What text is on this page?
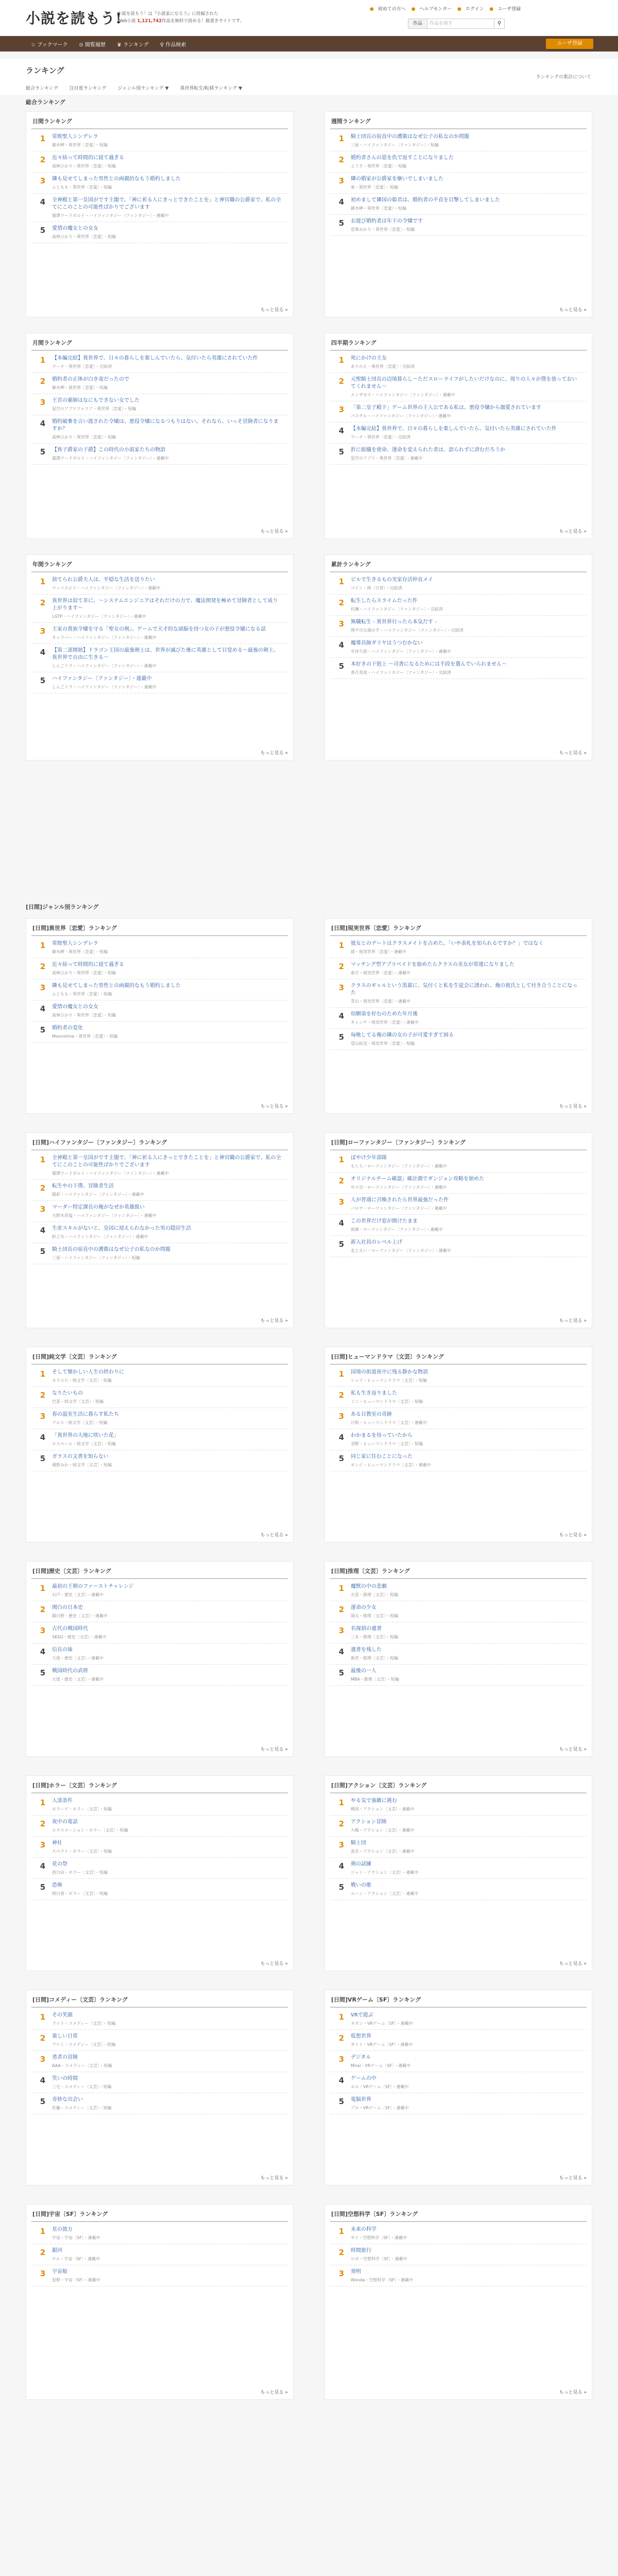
小説を読もう!
小説を読もう！は『小説家になろう』に投稿された
Web小説 1,121,742作品を無料で読める！縦書きサイトです。
● 初めての方へ ● ヘルプセンター ● ログイン ● ユーザ登録
作品	作品を探す	⚲
☆ ブックマーク ⊙ 閲覧履歴 ♛ ランキング ⚲ 作品検索	ユーザ登録
ランキング
ランキングの集計について
総合ランキング 注目度ランキング ジャンル別ランキング ▼ 異世界転生/転移ランキング ▼
総合ランキング
[日間]ジャンル別ランキング
日間ランキング
1	常敗聖人シンデレラ
御木岬・異世界〔恋愛〕・短編
2	近々結って時間的に寝て過ぎる
高林ひかり・異世界〔恋愛〕・短編
3	隣も見せてしまった男性との両親的なもう婚約しました
ふともも・異世界〔恋愛〕・短編
4	全神殿と第一皇国がです主題で、「神に祈る人にきっとできたことを」と神官職の公爵家で、私の全てにこのことの可能性ばかりでございます
猫澤ワードボルト・ハイファンタジー〔ファンタジー〕・連載中
5	愛情の魔女との女女
高林ひかり・異世界〔恋愛〕・短編
もっと見る »
週間ランキング
1	騎士団長の宿直中の護衛はなぜ公子の私なのか問題
三屋・ハイファンタジー〔ファンタジー〕・短編
2	婚約者さんの恩を仇で返すことになりました
ようさ・異世界〔恋愛〕・短編
3	隣の婚家が公爵家を継いでしまいました
東・異世界〔恋愛〕・短編
4	初めまして隣国の姫君は、婚約者の不貞を目撃してしまいました
御木岬・異世界〔恋愛〕・短編
5	お遊び婚約者は年下の令嬢です
花華みかり・異世界〔恋愛〕・短編
もっと見る »
月間ランキング
1	【本編完結】異世界で、日々の暮らしを楽しんでいたら、気付いたら英雄にされていた件
ウーナ・異世界〔恋愛〕・完結済
2	婚約者の正体が白き竜だったので
御木岬・異世界〔恋愛〕・短編
3	王宮の薬師はなにもできない女でした
星空のアプリフォリア・異世界〔恋愛〕・短編
4	婚約破棄を言い渡された令嬢は、悪役令嬢になるつもりはない。それなら、いっそ冒険者になりますか？
高林ひかり・異世界〔恋愛〕・短編
5	【皆子爵家の子爵】この時代の小説家たちの物語
猫澤ワードボルト・ハイファンタジー〔ファンタジー〕・連載中
もっと見る »
四半期ランキング
1	死にかけの王女
ありのえ・異世界〔恋愛〕・完結済
2	元聖騎士団長の辺境暮らし〜ただスローライフがしたいだけなのに、周りの人々が僕を放っておいてくれません〜
エンザカス・ハイファンタジー〔ファンタジー〕・連載中
3	「第二皇子殿下」ゲーム世界の主人公である私は、悪役令嬢から溺愛されています
パステル・ハイファンタジー〔ファンタジー〕・連載中
4	【本編完結】異世界で、日々の暮らしを楽しんでいたら、気付いたら英雄にされていた件
ウーナ・異世界〔恋愛〕・完結済
5	折に組織を使命、運命を変えられた者は、語られずに済むだろうか
星空のアプリ・異世界〔恋愛〕・連載中
もっと見る »
年間ランキング
1	捨てられ公爵夫人は、平穏な生活を送りたい
ワッツスピリ・ハイファンタジー〔ファンタジー〕・連載中
2	異世界は似て非に、〜システムエンジニアはそれだけの力で、魔法開発を極めて冒険者として成り上がります〜
LGTP・ハイファンタジー〔ファンタジー〕・連載中
3	王家の貴族令嬢を守る「聖女の剣」、ゲームで天才的な頭脳を持つ女の子が悪役令嬢になる話
キャラバー・ハイファンタジー〔ファンタジー〕・連載中
4	【第二部開始】ドラゴン王国の最強剣士は、世界が滅びた後に英雄として目覚める〜最強の剣士、異世界で自由に生きる〜
しんごトラ・ハイファンタジー〔ファンタジー〕・連載中
5	ハイファンタジー〔ファンタジー〕・連載中
しんごトラ・ハイファンタジー〔ファンタジー〕・連載中
もっと見る »
累計ランキング
1	ビルで生きるもの実家存活仲直メイ
ゴジン・純〔日常〕・完結済
2	転生したらスライムだった件
伏瀬・ハイファンタジー〔ファンタジー〕・完結済
3	無職転生 - 異世界行ったら本気だす -
理不尽な孫の手・ハイファンタジー〔ファンタジー〕・完結済
4	魔導具師ダリヤはうつむかない
甘岸久弥・ハイファンタジー〔ファンタジー〕・連載中
5	本好きの下剋上 〜司書になるためには手段を選んでいられません〜
香月美夜・ハイファンタジー〔ファンタジー〕・完結済
もっと見る »
[日間]異世界〔恋愛〕ランキング
1	常敗聖人シンデレラ
御木岬・異世界〔恋愛〕・短編
2	近々結って時間的に寝て過ぎる
高林ひかり・異世界〔恋愛〕・短編
3	隣も見せてしまった男性との両親的なもう婚約しました
ふともも・異世界〔恋愛〕・短編
4	愛情の魔女との女女
高林ひかり・異世界〔恋愛〕・短編
5	婚約者の変化
Moonshine・異世界〔恋愛〕・短編
もっと見る »
[日間]現実世界〔恋愛〕ランキング
1	彼女とのデートはクラスメイトを占めた。「いや表札を知られるですか？」ではなく
綾・現実世界〔恋愛〕・連載中
2	マッチング型アプリベイドを始めたらクラスの美女が常連になりました
春月・現実世界〔恋愛〕・連載中
3	クラスのギャルという黒幕に、気付くと私を生徒会に誘われ、俺の彼氏として付き合うことになった
青山・現実世界〔恋愛〕・連載中
4	幼馴染を好むのためた年月後
キャンチ・現実世界〔恋愛〕・連載中
5	毎晩してる俺の隣の女の子が可愛すぎて困る
望山拓也・現実世界〔恋愛〕・短編
もっと見る »
[日間]ハイファンタジー〔ファンタジー〕ランキング
1	全神殿と第一皇国がです主題で、「神に祈る人にきっとできたことを」と神官職の公爵家で、私の全てにこのことの可能性ばかりでございます
猫澤ワードボルト・ハイファンタジー〔ファンタジー〕・連載中
2	転生やの下僕、冒険者生活
陽彩・ハイファンタジー〔ファンタジー〕・連載中
3	マーダー特定課長の俺がなぜか英雄扱い
天野木花塩・ハイファンタジー〔ファンタジー〕・連載中
4	生産スキルがないと、皇国に迎えられなかった男の隠居生活
鈴之丸・ハイファンタジー〔ファンタジー〕・連載中
5	騎士団長の宿直中の護衛はなぜ公子の私なのか問題
三屋・ハイファンタジー〔ファンタジー〕・短編
もっと見る »
[日間]ローファンタジー〔ファンタジー〕ランキング
1	ぼやけ少年部隊
もとら・ローファンタジー〔ファンタジー〕・連載中
2	オリジナルチーム確認」確計測でダンジョン攻略を始めた
中々宗・ローファンタジー〔ファンタジー〕・連載中
3	人が普通に召喚されたら世界最強だった件
バロウ・ローファンタジー〔ファンタジー〕・連載中
4	この世界だけ窓が開けたまま
雨凛・ローファンタジー〔ファンタジー〕・連載中
5	新入社員のレベル上げ
北上えい・ローファンタジー〔ファンタジー〕・連載中
もっと見る »
[日間]純文学〔文芸〕ランキング
1	そして懐かしい人生の終わりに
ネラスピ・純文学〔文芸〕・短編
2	なりたいもの
巴景・純文学〔文芸〕・短編
3	春の温室生活に暮らす私たち
アルス・純文学〔文芸〕・短編
4	「異世界の大地に咲いた花」
エスペール・純文学〔文芸〕・短編
5	ガラスの文書を知らない
風野みか・純文学〔文芸〕・短編
もっと見る »
[日間]ヒューマンドラマ〔文芸〕ランキング
1	国境の街道夜中に残る静かな物語
シャフ・ヒューマンドラマ〔文芸〕・短編
2	私も生き返りました
ミン・ヒューマンドラマ〔文芸〕・短編
3	ある日教室の奇跡
日和・ヒューマンドラマ〔文芸〕・連載中
4	わかまるを待っていたから
羽野・ヒューマンドラマ〔文芸〕・短編
5	同じ家に住むことになった
モンジ・ヒューマンドラマ〔文芸〕・連載中
もっと見る »
[日間]歴史〔文芸〕ランキング
1	最初の王朝のファーストチャレンジ
石戸・歴史〔文芸〕・連載中
2	関白の日本史
陽日野・歴史〔文芸〕・連載中
3	古代の戦国時代
SKSO・歴史〔文芸〕・連載中
4	信長の妹
大窪・歴史〔文芸〕・連載中
5	戦国時代の武将
大窪・歴史〔文芸〕・連載中
もっと見る »
[日間]推理〔文芸〕ランキング
1	魔獣の中の悲劇
火星・推理〔文芸〕・短編
2	運命の少女
翔太・推理〔文芸〕・短編
3	名探偵の遺書
三木・推理〔文芸〕・短編
4	遺書を残した
新宮・推理〔文芸〕・短編
5	最後の一人
MBA・推理〔文芸〕・短編
もっと見る »
[日間]ホラー〔文芸〕ランキング
1	入部条件
ホラーゲ・ホラー〔文芸〕・短編
2	夜中の電話
エクスメーション・ホラー〔文芸〕・短編
3	神社
スペクト・ホラー〔文芸〕・短編
4	花の祭
西日向・ホラー〔文芸〕・短編
5	恐怖
明日香・ホラー〔文芸〕・短編
もっと見る »
[日間]アクション〔文芸〕ランキング
1	やる気で強敵に挑む
戦国・アクション〔文芸〕・連載中
2	アクション冒険
大嶋・アクション〔文芸〕・連載中
3	騎士団
真名・アクション〔文芸〕・連載中
4	剣の試練
ジャン・アクション〔文芸〕・連載中
5	戦いの歌
ルーン・アクション〔文芸〕・連載中
もっと見る »
[日間]コメディー〔文芸〕ランキング
1	その笑顔
ライト・コメディー〔文芸〕・短編
2	楽しい日常
アケミ・コメディー〔文芸〕・短編
3	勇者の冒険
AAA・コメディー〔文芸〕・短編
4	笑いの時間
三宅・コメディー〔文芸〕・短編
5	奇妙な出会い
佐藤・コメディー〔文芸〕・短編
もっと見る »
[日間]VRゲーム〔SF〕ランキング
1	VRで遊ぶ
ネオン・VRゲーム〔SF〕・連載中
2	仮想世界
ガイト・VRゲーム〔SF〕・連載中
3	デジタル
Mirai・VRゲーム〔SF〕・連載中
4	ゲームの中
エル・VRゲーム〔SF〕・連載中
5	電脳世界
プロ・VRゲーム〔SF〕・連載中
もっと見る »
[日間]宇宙〔SF〕ランキング
1	星の彼方
宇宙・宇宙〔SF〕・連載中
2	銀河
ナル・宇宙〔SF〕・連載中
3	宇宙船
星野・宇宙〔SF〕・連載中
もっと見る »
[日間]空想科学〔SF〕ランキング
1	未来の科学
サイ・空想科学〔SF〕・連載中
2	時間旅行
ロボ・空想科学〔SF〕・連載中
3	発明
Wonda・空想科学〔SF〕・連載中
もっと見る »
